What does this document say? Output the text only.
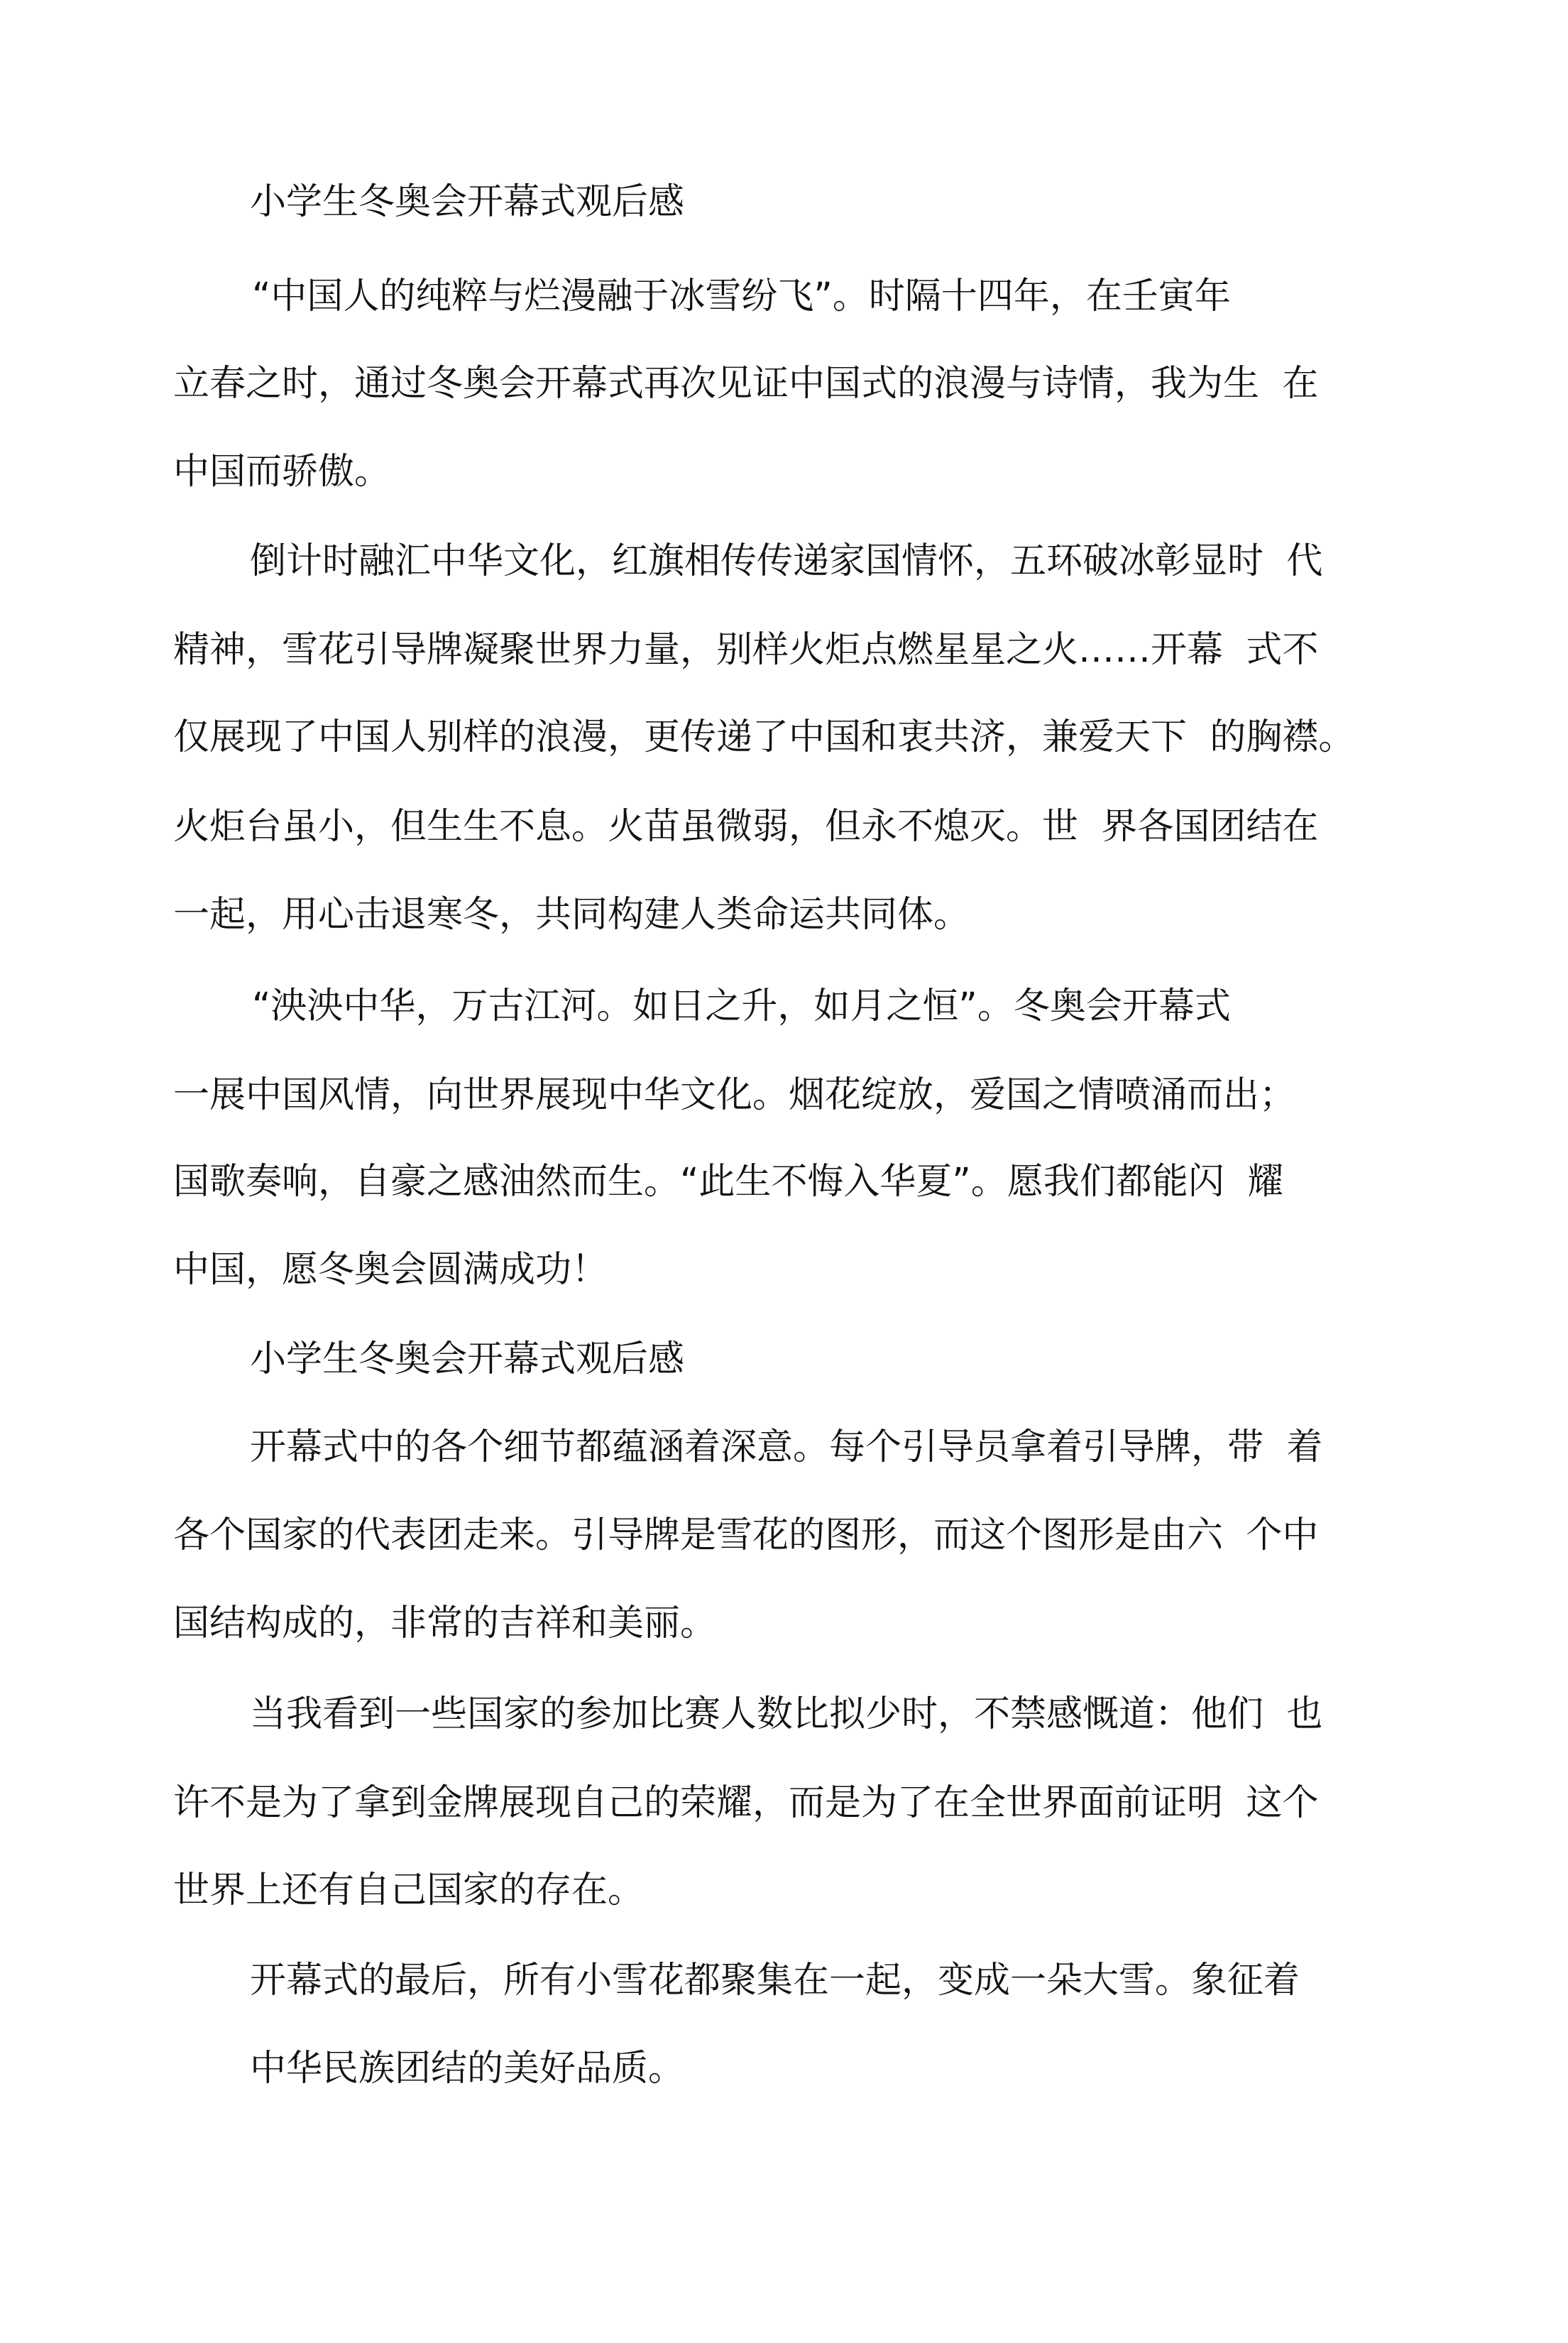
小学生冬奥会开幕式观后感

“中国人的纯粹与烂漫融于冰雪纷飞”。时隔十四年，在壬寅年

立春之时，通过冬奥会开幕式再次见证中国式的浪漫与诗情，我为生  在

中国而骄傲。

倒计时融汇中华文化，红旗相传传递家国情怀，五环破冰彰显时  代

精神，雪花引导牌凝聚世界力量，别样火炬点燃星星之火……开幕  式不

仅展现了中国人别样的浪漫，更传递了中国和衷共济，兼爱天下  的胸襟。

火炬台虽小，但生生不息。火苗虽微弱，但永不熄灭。世  界各国团结在

一起，用心击退寒冬，共同构建人类命运共同体。

“泱泱中华，万古江河。如日之升，如月之恒”。冬奥会开幕式

一展中国风情，向世界展现中华文化。烟花绽放，爱国之情喷涌而出；

国歌奏响，自豪之感油然而生。“此生不悔入华夏”。愿我们都能闪  耀

中国，愿冬奥会圆满成功！

小学生冬奥会开幕式观后感

开幕式中的各个细节都蕴涵着深意。每个引导员拿着引导牌，带  着

各个国家的代表团走来。引导牌是雪花的图形，而这个图形是由六  个中

国结构成的，非常的吉祥和美丽。

当我看到一些国家的参加比赛人数比拟少时，不禁感慨道：他们  也

许不是为了拿到金牌展现自己的荣耀，而是为了在全世界面前证明  这个

世界上还有自己国家的存在。

开幕式的最后，所有小雪花都聚集在一起，变成一朵大雪。象征着

中华民族团结的美好品质。
